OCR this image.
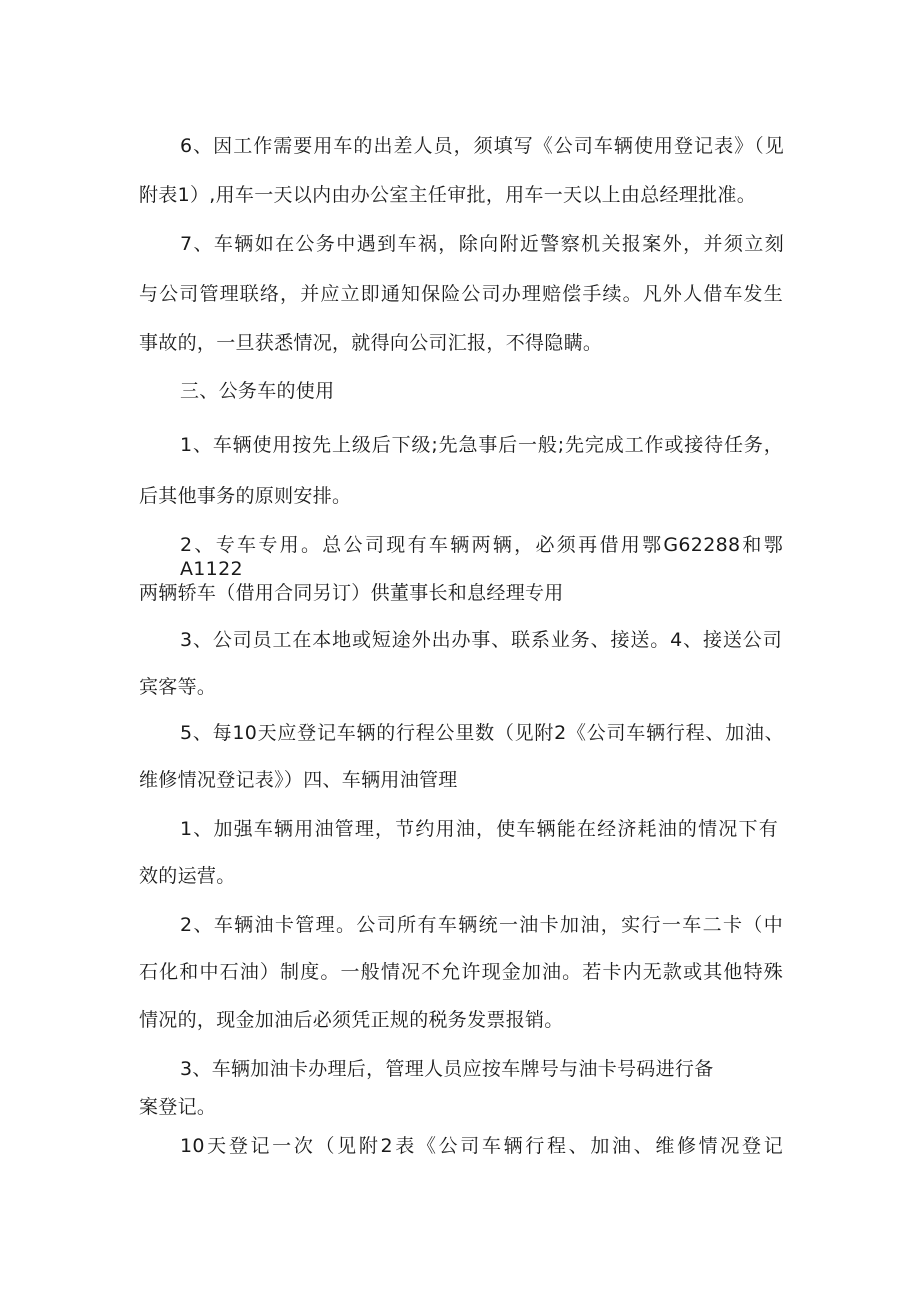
6、因工作需要用车的出差人员，须填写《公司车辆使用登记表》（见
附表1）,用车一天以内由办公室主任审批，用车一天以上由总经理批准。
7、车辆如在公务中遇到车祸，除向附近警察机关报案外，并须立刻
与公司管理联络，并应立即通知保险公司办理赔偿手续。凡外人借车发生
事故的，一旦获悉情况，就得向公司汇报，不得隐瞒。
三、公务车的使用
1、车辆使用按先上级后下级;先急事后一般;先完成工作或接待任务，
后其他事务的原则安排。
2、专车专用。总公司现有车辆两辆，必须再借用鄂G62288和鄂A1122
两辆轿车（借用合同另订）供董事长和息经理专用
3、公司员工在本地或短途外出办事、联系业务、接送。4、接送公司
宾客等。
5、每10天应登记车辆的行程公里数（见附2《公司车辆行程、加油、
维修情况登记表》）四、车辆用油管理
1、加强车辆用油管理，节约用油，使车辆能在经济耗油的情况下有
效的运营。
2、车辆油卡管理。公司所有车辆统一油卡加油，实行一车二卡（中
石化和中石油）制度。一般情况不允许现金加油。若卡内无款或其他特殊
情况的，现金加油后必须凭正规的税务发票报销。
3、车辆加油卡办理后，管理人员应按车牌号与油卡号码进行备
案登记。
10天登记一次（见附2表《公司车辆行程、加油、维修情况登记
